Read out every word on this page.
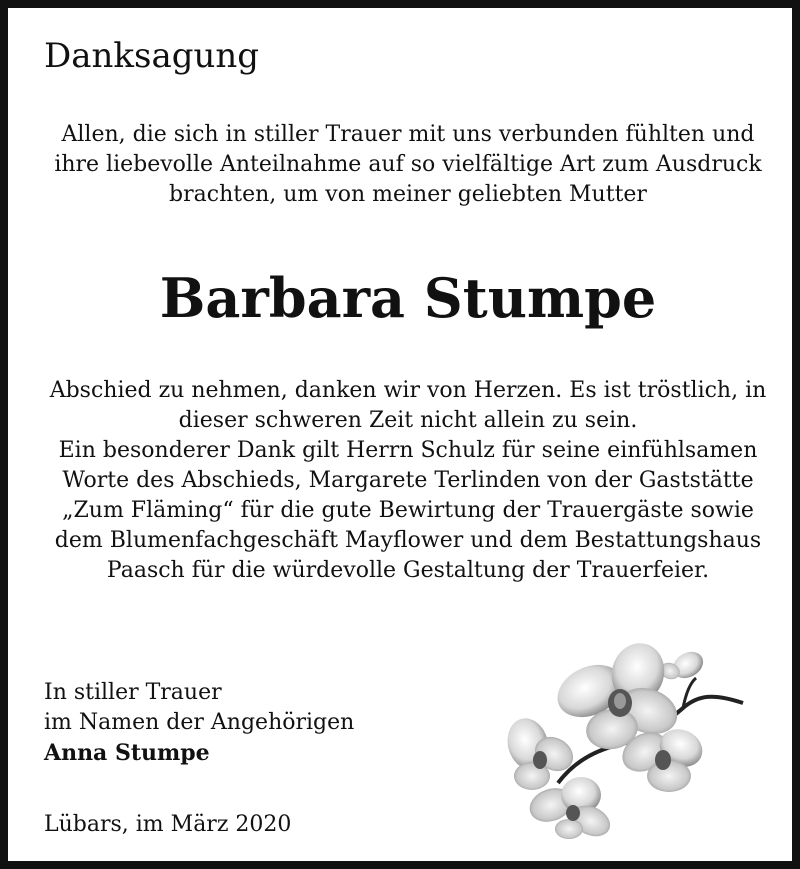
Danksagung

Allen, die sich in stiller Trauer mit uns verbunden fühlten und
ihre liebevolle Anteilnahme auf so vielfältige Art zum Ausdruck
brachten, um von meiner geliebten Mutter

Barbara Stumpe

Abschied zu nehmen, danken wir von Herzen. Es ist tröstlich, in
dieser schweren Zeit nicht allein zu sein.
Ein besonderer Dank gilt Herrn Schulz für seine einfühlsamen
Worte des Abschieds, Margarete Terlinden von der Gaststätte
„Zum Fläming“ für die gute Bewirtung der Trauergäste sowie
dem Blumenfachgeschäft Mayflower und dem Bestattungshaus
Paasch für die würdevolle Gestaltung der Trauerfeier.

In stiller Trauer
im Namen der Angehörigen
Anna Stumpe
Lübars, im März 2020
